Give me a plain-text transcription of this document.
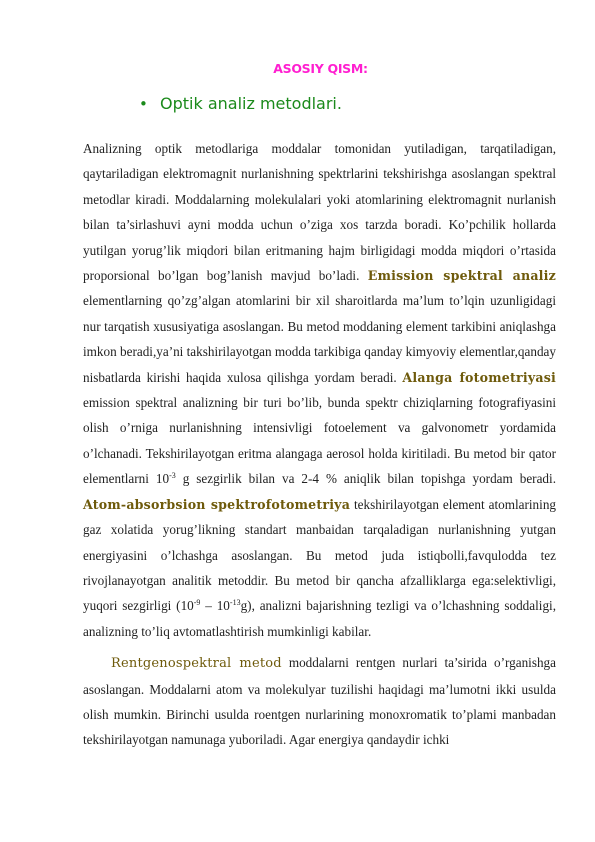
ASOSIY QISM:
• Optik analiz metodlari.

Analizning optik metodlariga moddalar tomonidan yutiladigan, tarqatiladigan, qaytariladigan elektromagnit nurlanishning spektrlarini tekshirishga asoslangan spektral metodlar kiradi. Moddalarning molekulalari yoki atomlarining elektromagnit nurlanish bilan ta’sirlashuvi ayni modda uchun o’ziga xos tarzda boradi. Ko’pchilik hollarda yutilgan yorug’lik miqdori bilan eritmaning hajm birligidagi modda miqdori o’rtasida proporsional bo’lgan bog’lanish mavjud bo’ladi. Emission spektral analiz elementlarning qo’zg’algan atomlarini bir xil sharoitlarda ma’lum to’lqin uzunligidagi nur tarqatish xususiyatiga asoslangan. Bu metod moddaning element tarkibini aniqlashga imkon beradi,ya’ni takshirilayotgan modda tarkibiga qanday kimyoviy elementlar,qanday nisbatlarda kirishi haqida xulosa qilishga yordam beradi. Alanga fotometriyasi emission spektral analizning bir turi bo’lib, bunda spektr chiziqlarning fotografiyasini olish o’rniga nurlanishning intensivligi fotoelement va galvonometr yordamida o’lchanadi. Tekshirilayotgan eritma alangaga aerosol holda kiritiladi. Bu metod bir qator elementlarni $10^{-3}$ g sezgirlik bilan va 2-4 % aniqlik bilan topishga yordam beradi. Atom-absorbsion spektrofotometriya tekshirilayotgan element atomlarining gaz xolatida yorug’likning standart manbaidan tarqaladigan nurlanishning yutgan energiyasini o’lchashga asoslangan. Bu metod juda istiqbolli,favqulodda tez rivojlanayotgan analitik metoddir. Bu metod bir qancha afzalliklarga ega:selektivligi, yuqori sezgirligi $(10^{-9} - 10^{-13}g)$, analizni bajarishning tezligi va o’lchashning soddaligi, analizning to’liq avtomatlashtirish mumkinligi kabilar.

Rentgenospektral metod moddalarni rentgen nurlari ta’sirida o’rganishga asoslangan. Moddalarni atom va molekulyar tuzilishi haqidagi ma’lumotni ikki usulda olish mumkin. Birinchi usulda roentgen nurlarining monoxromatik to’plami manbadan tekshirilayotgan namunaga yuboriladi. Agar energiya qandaydir ichki
